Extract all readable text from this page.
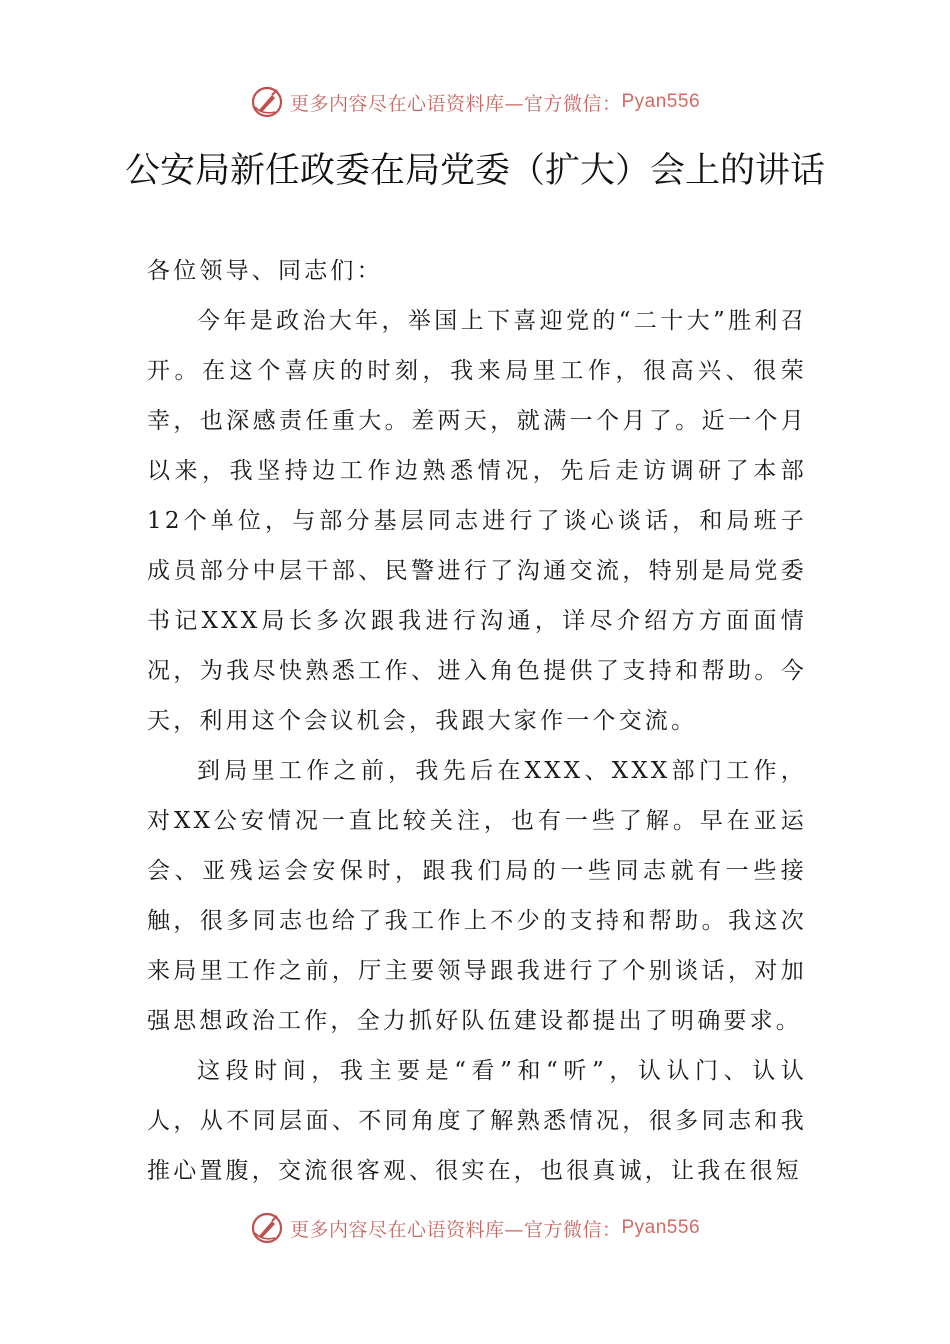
更多内容尽在心语资料库—官方微信： Pyan556
公安局新任政委在局党委（扩大）会上的讲话

各位领导、同志们：

今年是政治大年，举国上下喜迎党的“二十大”胜利召开。在这个喜庆的时刻，我来局里工作，很高兴、很荣幸，也深感责任重大。差两天，就满一个月了。近一个月以来，我坚持边工作边熟悉情况，先后走访调研了本部12个单位，与部分基层同志进行了谈心谈话，和局班子成员部分中层干部、民警进行了沟通交流，特别是局党委书记XXX局长多次跟我进行沟通，详尽介绍方方面面情况，为我尽快熟悉工作、进入角色提供了支持和帮助。今天，利用这个会议机会，我跟大家作一个交流。

到局里工作之前，我先后在XXX、XXX部门工作，对XX公安情况一直比较关注，也有一些了解。早在亚运会、亚残运会安保时，跟我们局的一些同志就有一些接触，很多同志也给了我工作上不少的支持和帮助。我这次来局里工作之前，厅主要领导跟我进行了个别谈话，对加强思想政治工作，全力抓好队伍建设都提出了明确要求。

这段时间，我主要是“看”和“听”，认认门、认认人，从不同层面、不同角度了解熟悉情况，很多同志和我推心置腹，交流很客观、很实在，也很真诚，让我在很短

更多内容尽在心语资料库—官方微信： Pyan556
